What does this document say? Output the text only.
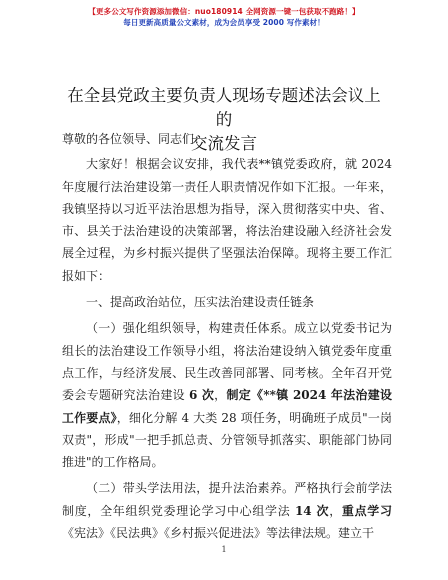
【更多公文写作资源添加微信：nuo180914 全网资源一键一包获取不跑路！】
每日更新高质量公文素材，成为会员享受 2000 写作素材！
在全县党政主要负责人现场专题述法会议上的
交流发言

尊敬的各位领导、同志们：

大家好！根据会议安排，我代表**镇党委政府，就 2024 年度履行法治建设第一责任人职责情况作如下汇报。一年来，我镇坚持以习近平法治思想为指导，深入贯彻落实中央、省、市、县关于法治建设的决策部署，将法治建设融入经济社会发展全过程，为乡村振兴提供了坚强法治保障。现将主要工作汇报如下：

一、提高政治站位，压实法治建设责任链条

（一）强化组织领导，构建责任体系。成立以党委书记为组长的法治建设工作领导小组，将法治建设纳入镇党委年度重点工作，与经济发展、民生改善同部署、同考核。全年召开党委会专题研究法治建设 6 次，制定《**镇 2024 年法治建设工作要点》，细化分解 4 大类 28 项任务，明确班子成员"一岗双责"，形成"一把手抓总责、分管领导抓落实、职能部门协同推进"的工作格局。

（二）带头学法用法，提升法治素养。严格执行会前学法制度，全年组织党委理论学习中心组学法 14 次，重点学习《宪法》《民法典》《乡村振兴促进法》等法律法规。建立干

1
